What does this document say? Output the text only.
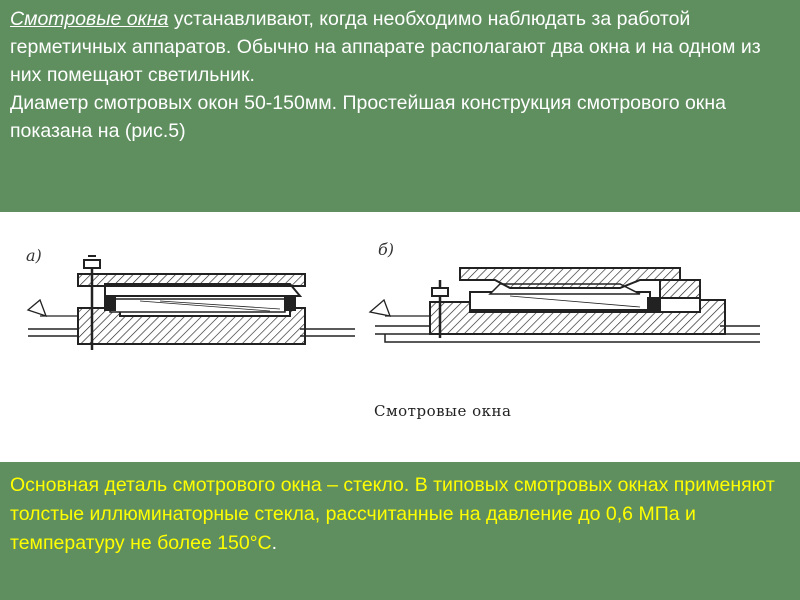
Смотровые окна устанавливают, когда необходимо наблюдать за работой герметичных аппаратов. Обычно на аппарате располагают два окна и на одном из них помещают светильник.

Диаметр смотровых окон 50-150мм. Простейшая конструкция смотрового окна показана на (рис.5)

а)	б)
Смотровые окна

Основная деталь смотрового окна – стекло. В типовых смотровых окнах применяют толстые иллюминаторные стекла, рассчитанные на давление до 0,6 МПа и температуру не более 150°С.
